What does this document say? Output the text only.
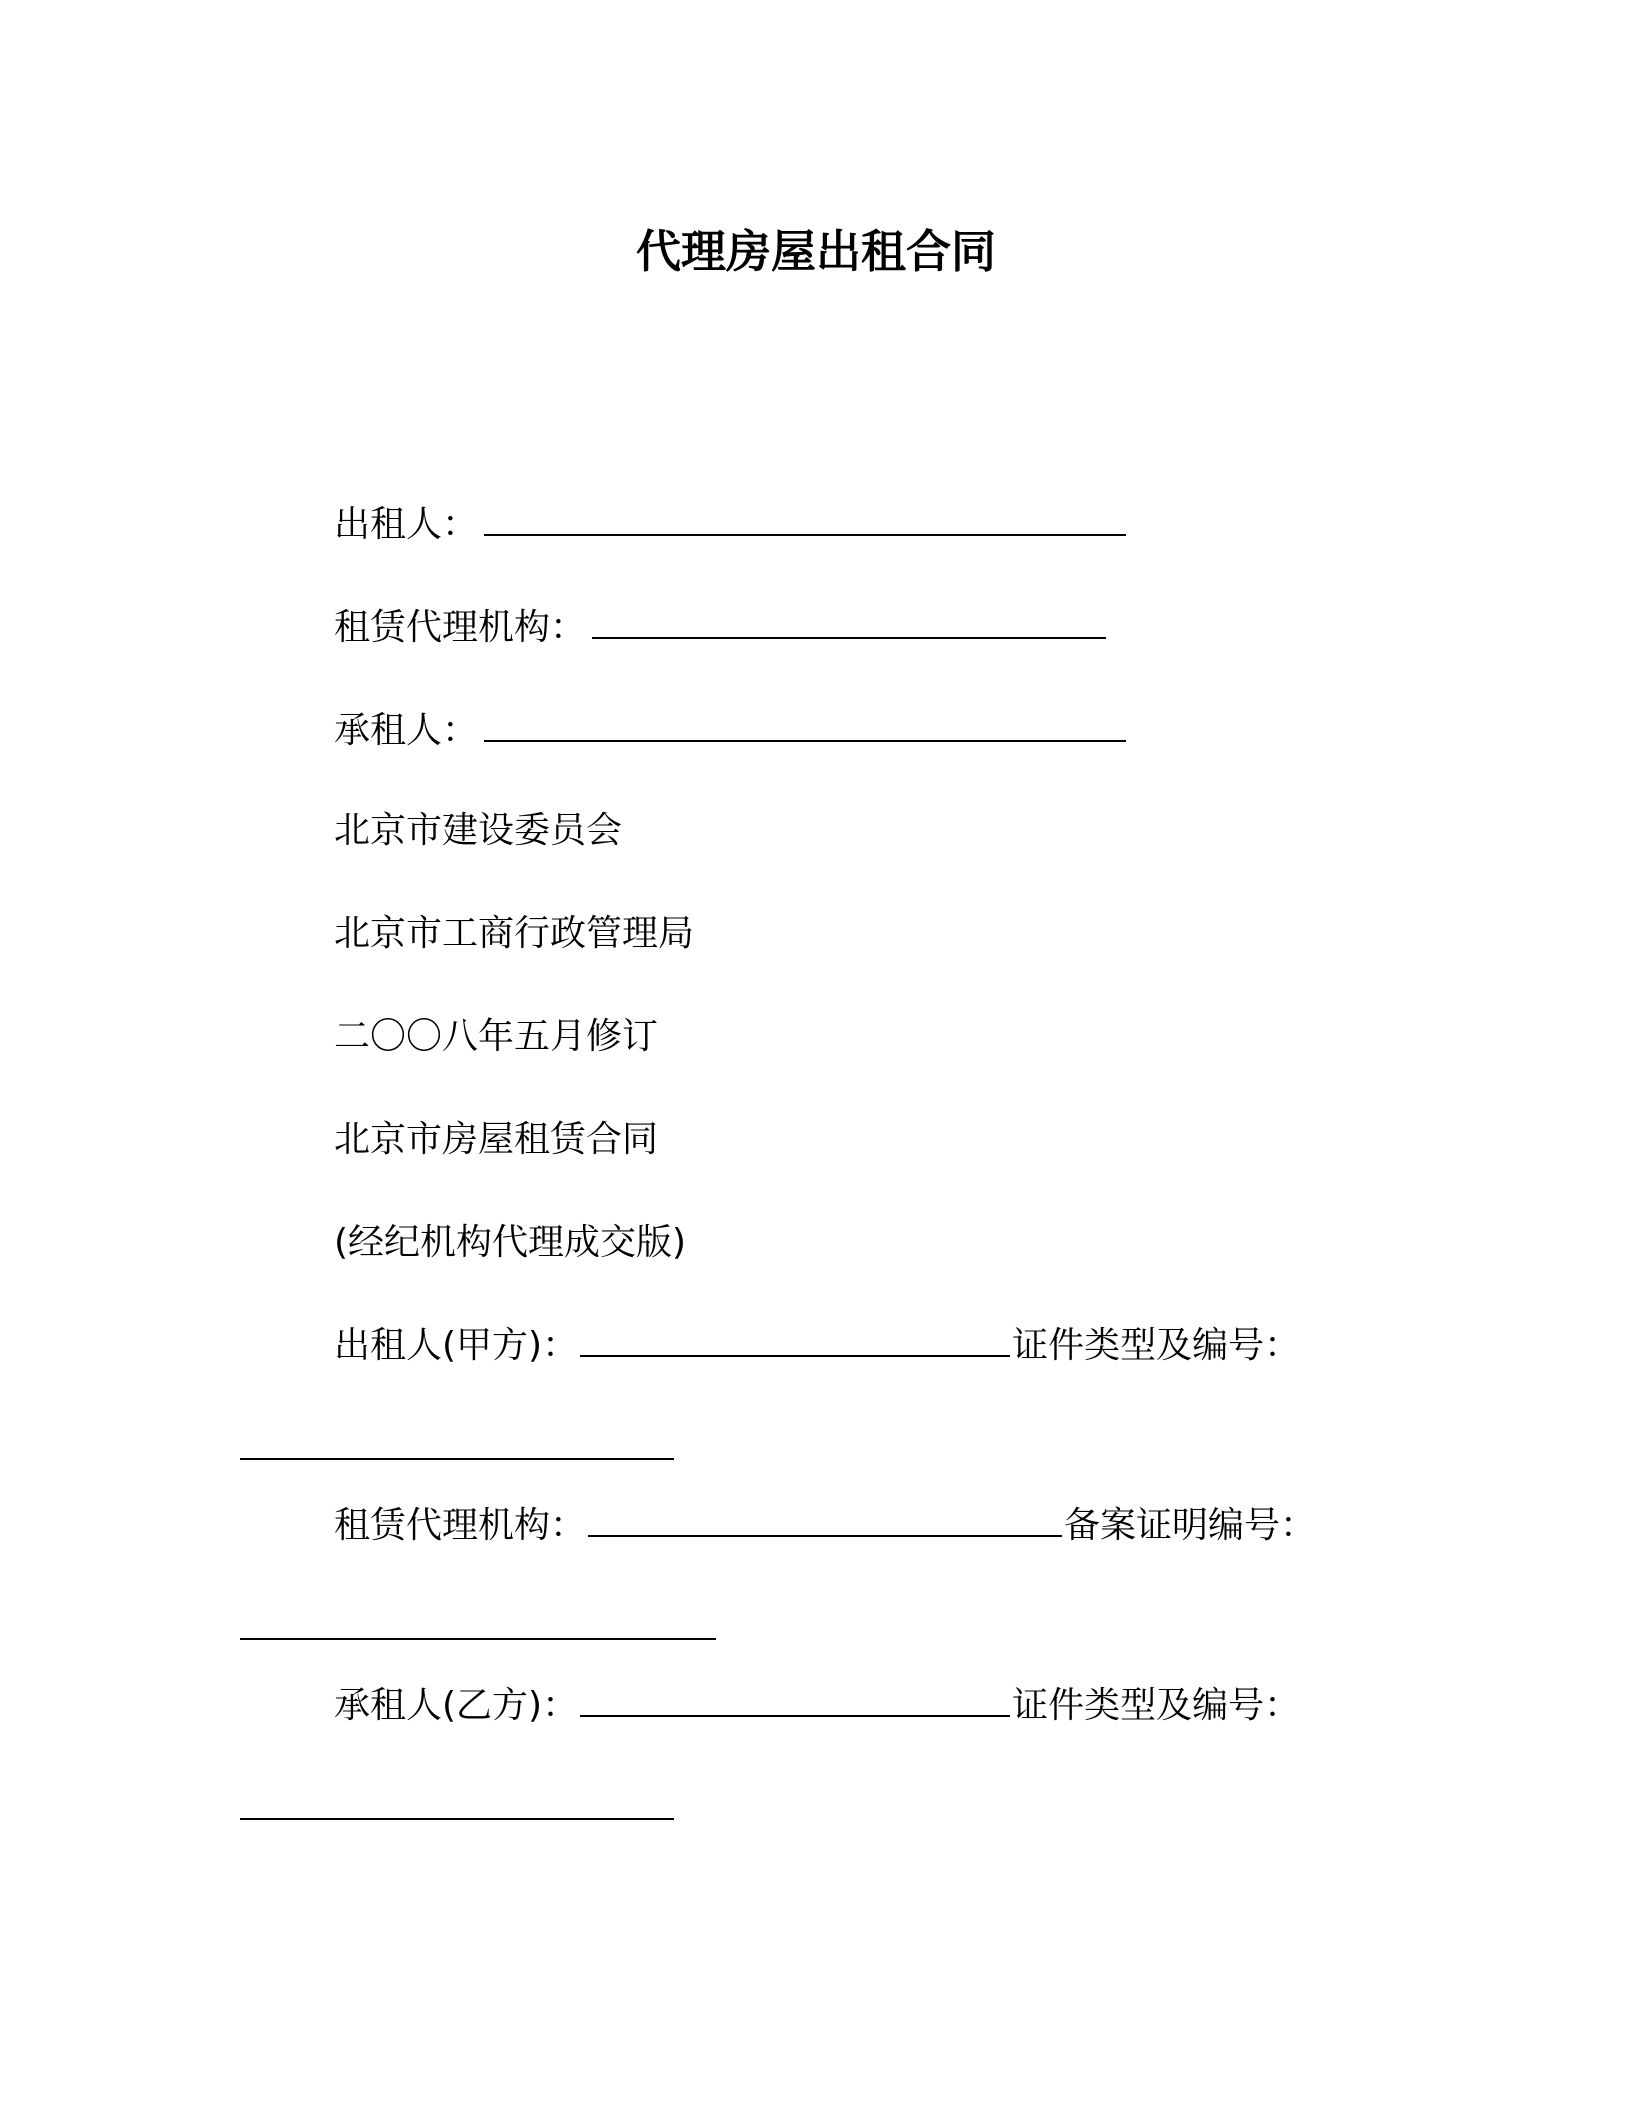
代理房屋出租合同
出租人：
租赁代理机构：
承租人：
北京市建设委员会
北京市工商行政管理局
二〇〇八年五月修订
北京市房屋租赁合同
(经纪机构代理成交版)
出租人(甲方)：	证件类型及编号：
租赁代理机构：	备案证明编号：
承租人(乙方)：	证件类型及编号：
